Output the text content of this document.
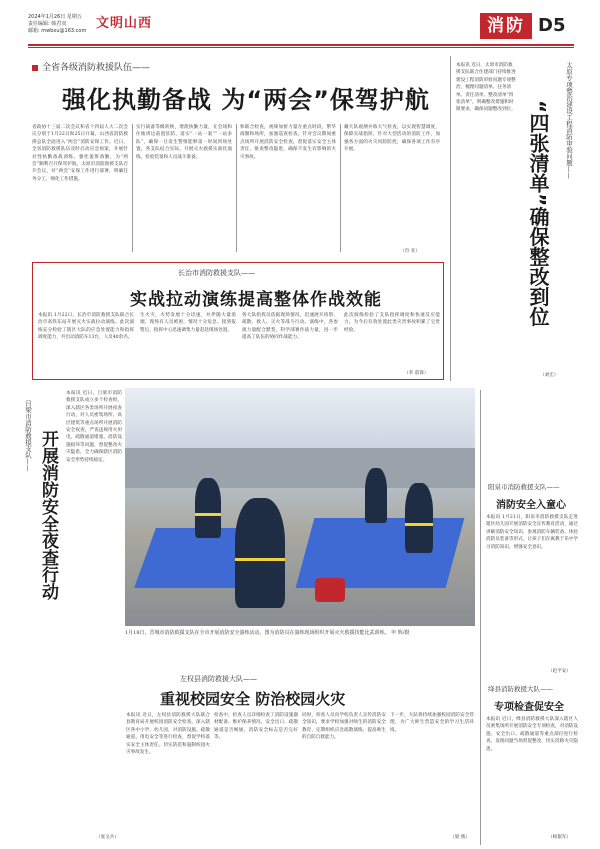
2024年1月26日 星期五
责任编辑: 韩君双
邮箱: mwbxu@163.com 文明山西	消防 D5
全省各级消防救援队伍——
强化执勤备战 为“两会”保驾护航
省政协十三届二次会议和省十四届人大二次会议分别于1月22日和25日开幕，山西省消防救援总队全面进入“两会”消防安保工作。近日，全省消防救援队伍及时启动应急预案，开展针对性执勤备战训练，强化值班备勤，为“两会”顺利召开保驾护航。太原市消防救援支队召开会议，对“两会”安保工作进行部署，明确任务分工，细化工作措施。
实行战备等级转换，增派执勤力量，在会场和住地周边前置驻防，落实“一站一案”“一站多队”，确保一旦发生警情能够第一时间到场处置。各支队结合实际，开展灭火救援实战化演练，检验装备和人员战斗准备。
和联合检查，视频加密力量在重点时段，繁华商圈和场所，加强巡查检查。针对会议期间重点场所开展消防安全检查，督促落实安全主体责任，排查整改隐患，确保不发生有影响的火灾事故。
戴大队观测并练大气检查，以实现智慧调度，保障实战指挥，针对大型活动的消防工作，加强各方面的火灾风险防控，确保各项工作有序开展。
（肖 亚）
长治市消防救援支队——
实战拉动演练提高整体作战效能
本报讯 1月22日，长治市消防救援支队联合长治市高铁东站开展灭火实战拉动演练。此次演练充分检验了辖区大队的应急处置能力和指挥调度能力，共出动消防车13台，人员40余名。
生火灾，火势发展十分迅速，并伴随大量浓烟，现场有人员被困，情况十分危急。接到报警后，指挥中心迅速调集力量赶赴现场处置。
各大队指挥员依据现场情况，迅速展开侦察、疏散、救人、灭火等战斗行动。演练中，各参演力量配合默契，科学部署作战力量，进一步提高了队伍的协同作战能力。
此次演练检验了支队指挥调度和快速反应能力，为今后有效处置此类灾害事故积累了宝贵经验。
（李 前锋）
太原专项整治建设工程消防审验问题——
“四张清单”确保整改到位
本报讯 近日，太原市消防救援支队联合住建部门持续推进建设工程消防审验问题专项整治，梳理问题清单、任务清单、责任清单、整改清单“四张清单”，明确整改措施和时限要求，确保问题整改到位。
（刘宏）
吕梁市消防救援支队—— 开展消防安全夜查行动
本报讯 近日，吕梁市消防救援支队成立多个检查组，深入辖区各类场所开展夜查行动，对人员密集场所、高层建筑等重点场所开展消防安全夜查，严查违规用火用电、疏散通道堵塞、消防设施损坏等问题，督促整改火灾隐患，全力确保辖区消防安全形势持续稳定。
（张文兵）
1月18日，晋城市消防救援支队在全市开展消防安全演练活动。图为消防员在演练现场组织开展灭火救援技能比武训练。 申 辉/摄
左权县消防救援大队——
重视校园安全 防治校园火灾
本报讯 近日，左权县消防救援大队联合县教育局开展校园消防安全检查，深入辖区各中小学、幼儿园，对消防设施、疏散通道、用电安全等进行检查，督促学校落实安全主体责任，切实防范和遏制校园火灾事故发生。
检查中，检查人员详细检查了消防设施器材配备、维护保养情况，安全出口、疏散通道是否畅通，消防安全标志是否完好等。
同时，检查人员向学校负责人宣传消防安全知识，要求学校加强对师生的消防安全教育，定期组织应急疏散演练，提高师生的自防自救能力。
下一步，大队将持续加强校园消防安全管理，为广大师生营造安全的学习生活环境。
（梁 燕）
阳泉市消防救援支队——
消防安全入童心
本报讯 1月21日，阳泉市消防救援支队走进辖区幼儿园开展消防安全宣传教育活动，通过讲解消防安全知识、参观消防车辆装备、体验消防员装备等形式，让孩子们在寓教于乐中学习消防知识，增强安全意识。
（赵平安）
绛县消防救援大队——
专项检查促安全
本报讯 近日，绛县消防救援大队深入辖区人员密集场所开展消防安全专项检查，对消防设施、安全出口、疏散通道等重点部位进行检查，发现问题当场督促整改，切实消除火灾隐患。
（杨银军）
